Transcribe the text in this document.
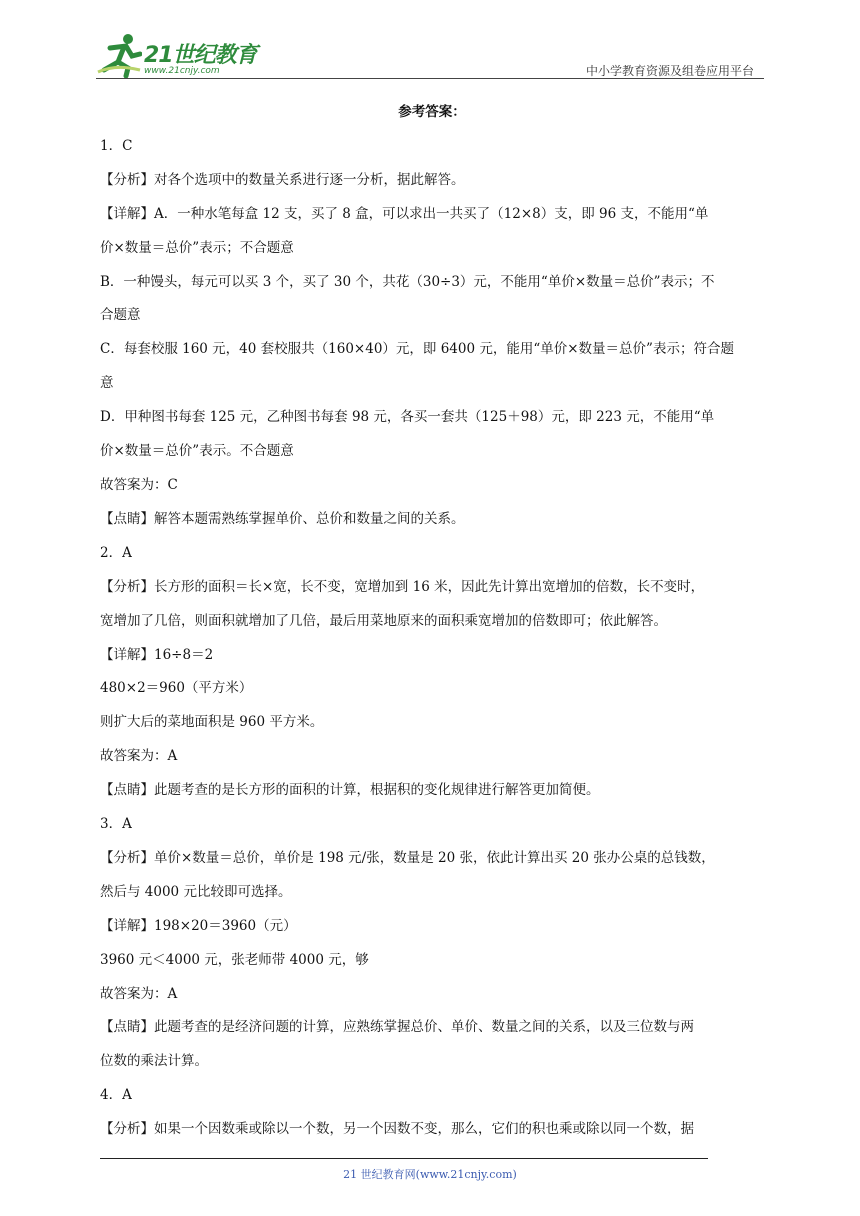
21世纪教育
www.21cnjy.com	中小学教育资源及组卷应用平台
参考答案：

1．C

【分析】对各个选项中的数量关系进行逐一分析，据此解答。

【详解】A．一种水笔每盒 12 支，买了 8 盒，可以求出一共买了（12×8）支，即 96 支，不能用“单

价×数量＝总价”表示；不合题意

B．一种馒头，每元可以买 3 个，买了 30 个，共花（30÷3）元，不能用“单价×数量＝总价”表示；不

合题意

C．每套校服 160 元，40 套校服共（160×40）元，即 6400 元，能用“单价×数量＝总价”表示；符合题

意

D．甲种图书每套 125 元，乙种图书每套 98 元，各买一套共（125＋98）元，即 223 元，不能用“单

价×数量＝总价”表示。不合题意

故答案为：C

【点睛】解答本题需熟练掌握单价、总价和数量之间的关系。

2．A

【分析】长方形的面积＝长×宽，长不变，宽增加到 16 米，因此先计算出宽增加的倍数，长不变时，

宽增加了几倍，则面积就增加了几倍，最后用菜地原来的面积乘宽增加的倍数即可；依此解答。

【详解】16÷8＝2

480×2＝960（平方米）

则扩大后的菜地面积是 960 平方米。

故答案为：A

【点睛】此题考查的是长方形的面积的计算，根据积的变化规律进行解答更加简便。

3．A

【分析】单价×数量＝总价，单价是 198 元/张，数量是 20 张，依此计算出买 20 张办公桌的总钱数，

然后与 4000 元比较即可选择。

【详解】198×20＝3960（元）

3960 元＜4000 元，张老师带 4000 元，够

故答案为：A

【点睛】此题考查的是经济问题的计算，应熟练掌握总价、单价、数量之间的关系，以及三位数与两

位数的乘法计算。

4．A

【分析】如果一个因数乘或除以一个数，另一个因数不变，那么，它们的积也乘或除以同一个数，据

21 世纪教育网(www.21cnjy.com)
